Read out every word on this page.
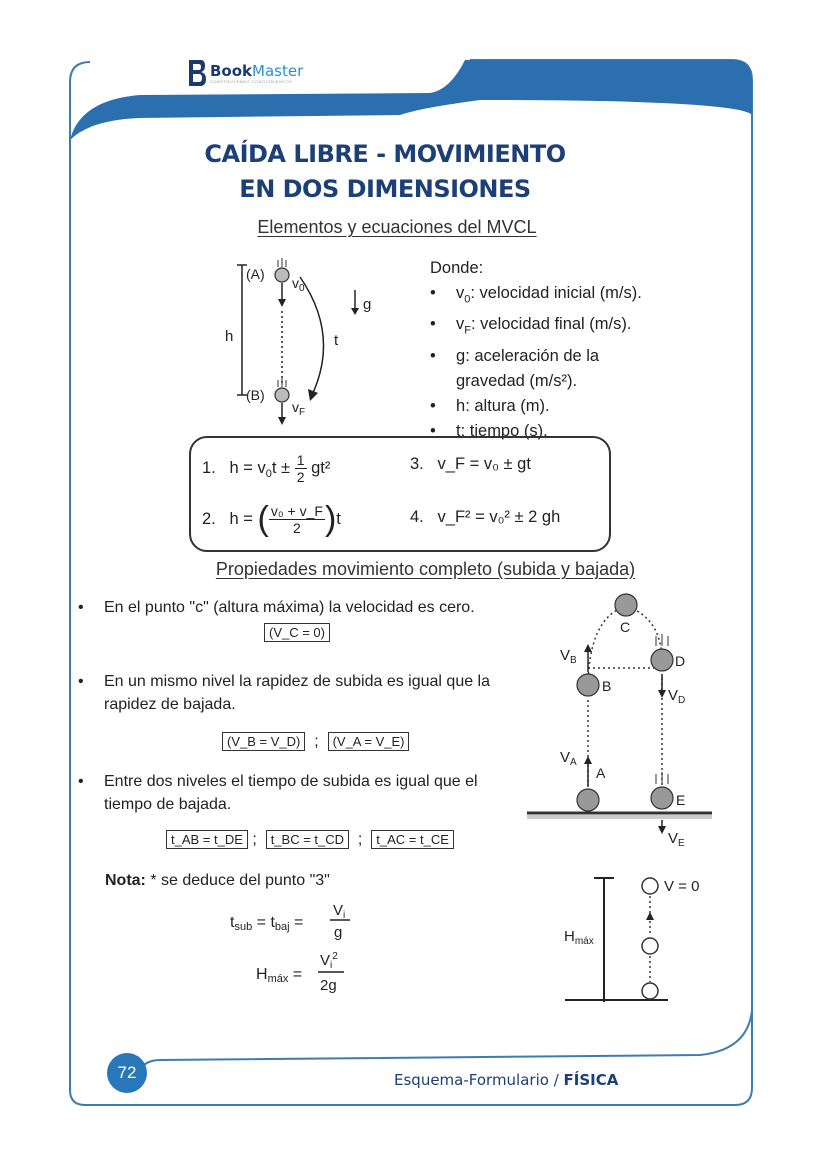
BookMaster
CONSTRUYENDO CONOCIMIENTOS
CAÍDA LIBRE - MOVIMIENTO
EN DOS DIMENSIONES
Elementos y ecuaciones del MVCL
h
(A)
(B)
$v_0$
$v_F$
t
g
Donde:
• $v_0$: velocidad inicial (m/s).
• $v_F$: velocidad final (m/s).
• g: aceleración de la
gravedad (m/s²).
• h: altura (m).
• t: tiempo (s).
1. $h = v_0t \pm \frac{1}{2} gt^2$	3. v_F = v₀ ± gt
2. h = ( $\frac{\text{v₀ + v\_F}}{2} )t$	4. v_F² = v₀² ± 2 gh
Propiedades movimiento completo (subida y bajada)
• En el punto "c" (altura máxima) la velocidad es cero.
(V_C = 0)
• En un mismo nivel la rapidez de subida es igual que la rapidez de bajada.
(V_B = V_D)  ;  (V_A = V_E)
• Entre dos niveles el tiempo de subida es igual que el tiempo de bajada.
t_AB = t_DE ;  t_BC = t_CD  ;  t_AC = t_CE
C
B
D
A
E
$V_B$
$V_D$
$V_A$
$V_E$
Nota: * se deduce del punto "3"
tsub = tbaj =
$V_i$
g
Hmáx =
$V_i^2$
2g
$H_{máx}$
V = 0
72	Esquema-Formulario / FÍSICA
